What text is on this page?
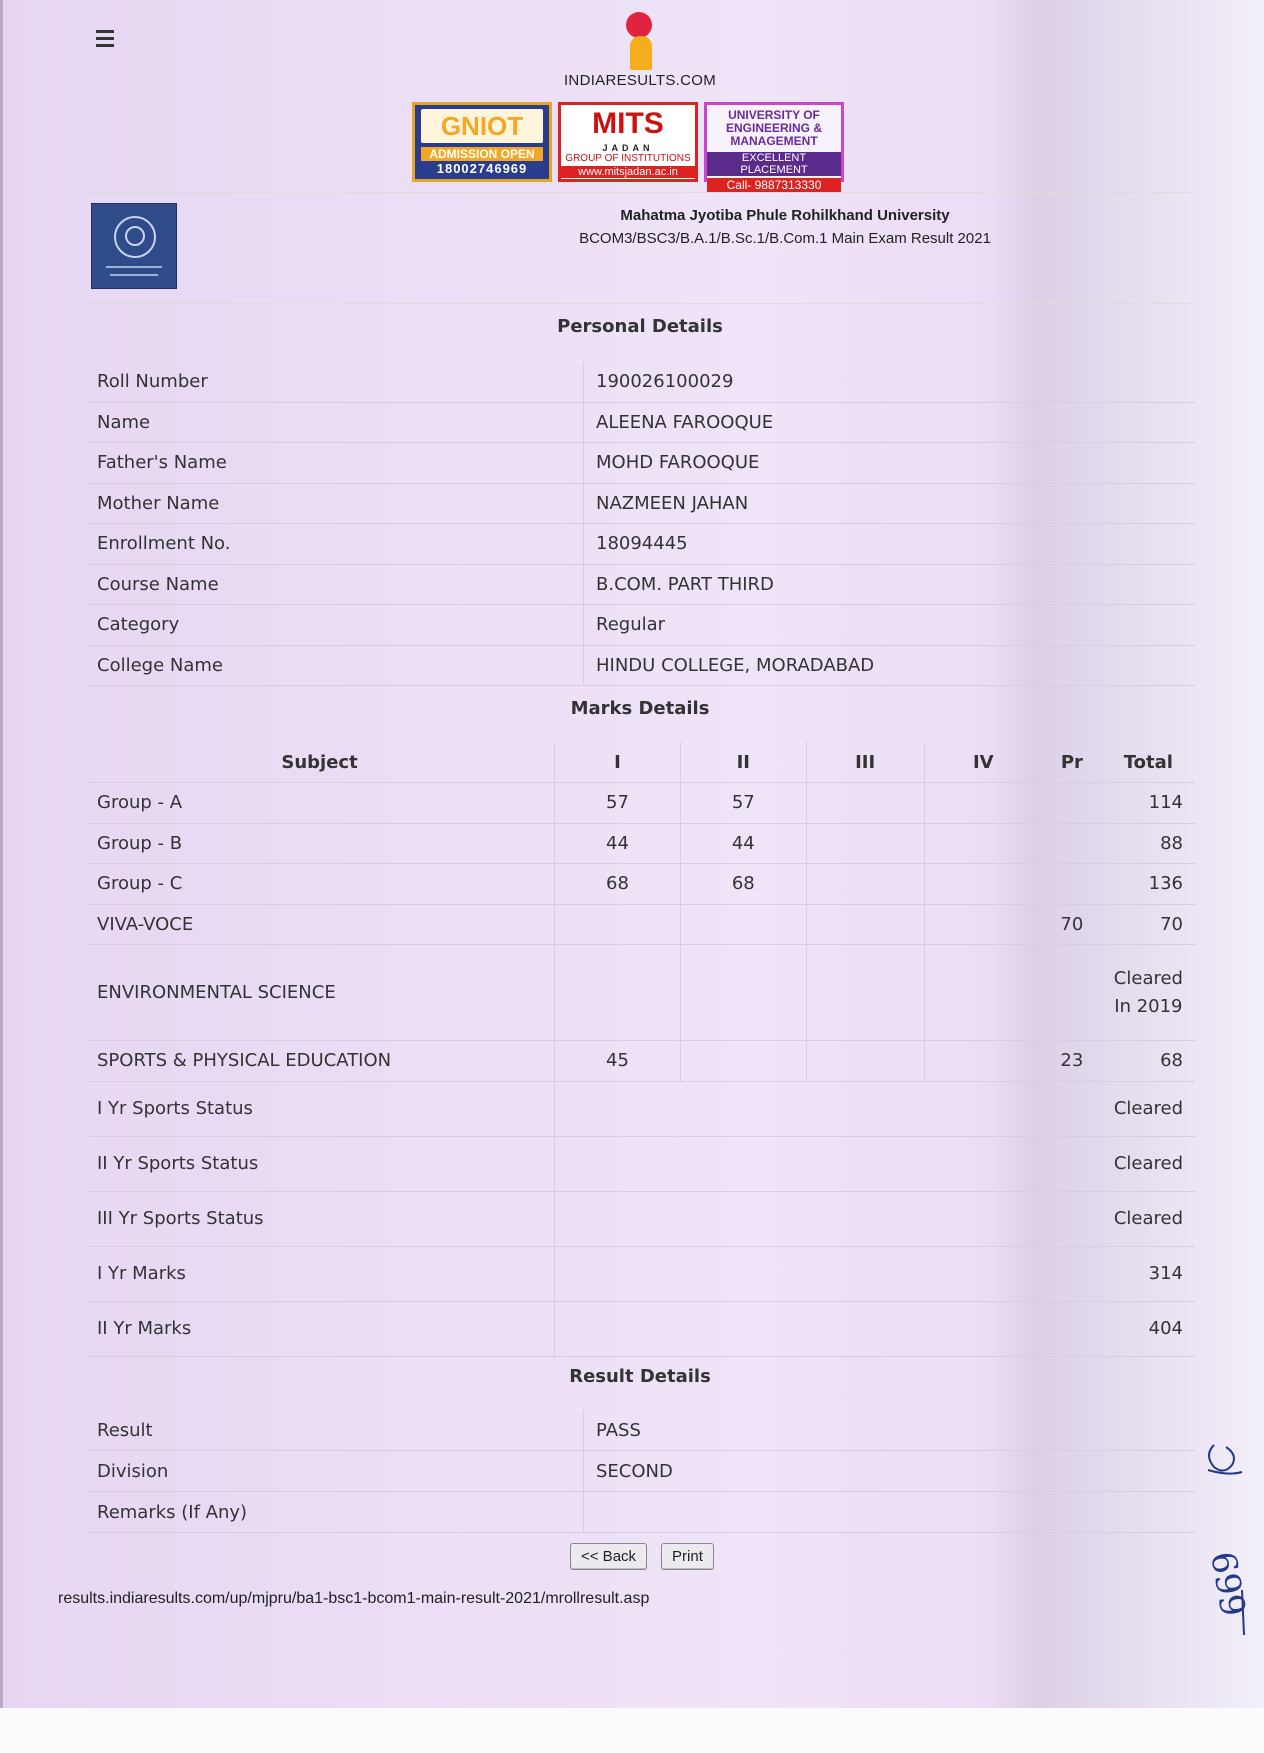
INDIARESULTS.COM
GNIOT
ADMISSION OPEN
18002746969
MITS
JADAN
GROUP OF INSTITUTIONS
www.mitsjadan.ac.in
UNIVERSITY OF ENGINEERING & MANAGEMENT
EXCELLENT PLACEMENT
Call- 9887313330
Mahatma Jyotiba Phule Rohilkhand University
BCOM3/BSC3/B.A.1/B.Sc.1/B.Com.1 Main Exam Result 2021
Personal Details
Roll Number	190026100029
Name	ALEENA FAROOQUE
Father's Name	MOHD FAROOQUE
Mother Name	NAZMEEN JAHAN
Enrollment No.	18094445
Course Name	B.COM. PART THIRD
Category	Regular
College Name	HINDU COLLEGE, MORADABAD
Marks Details
Subject	I	II	III	IV	Pr	Total
Group - A	57	57				114
Group - B	44	44				88
Group - C	68	68				136
VIVA-VOCE					70	70
ENVIRONMENTAL SCIENCE						Cleared In 2019
SPORTS & PHYSICAL EDUCATION	45				23	68
I Yr Sports Status						Cleared
II Yr Sports Status						Cleared
III Yr Sports Status						Cleared
I Yr Marks						314
II Yr Marks						404
Result Details
Result	PASS
Division	SECOND
Remarks (If Any)	
<< Back	Print
results.indiaresults.com/up/mjpru/ba1-bsc1-bcom1-main-result-2021/mrollresult.asp	699
